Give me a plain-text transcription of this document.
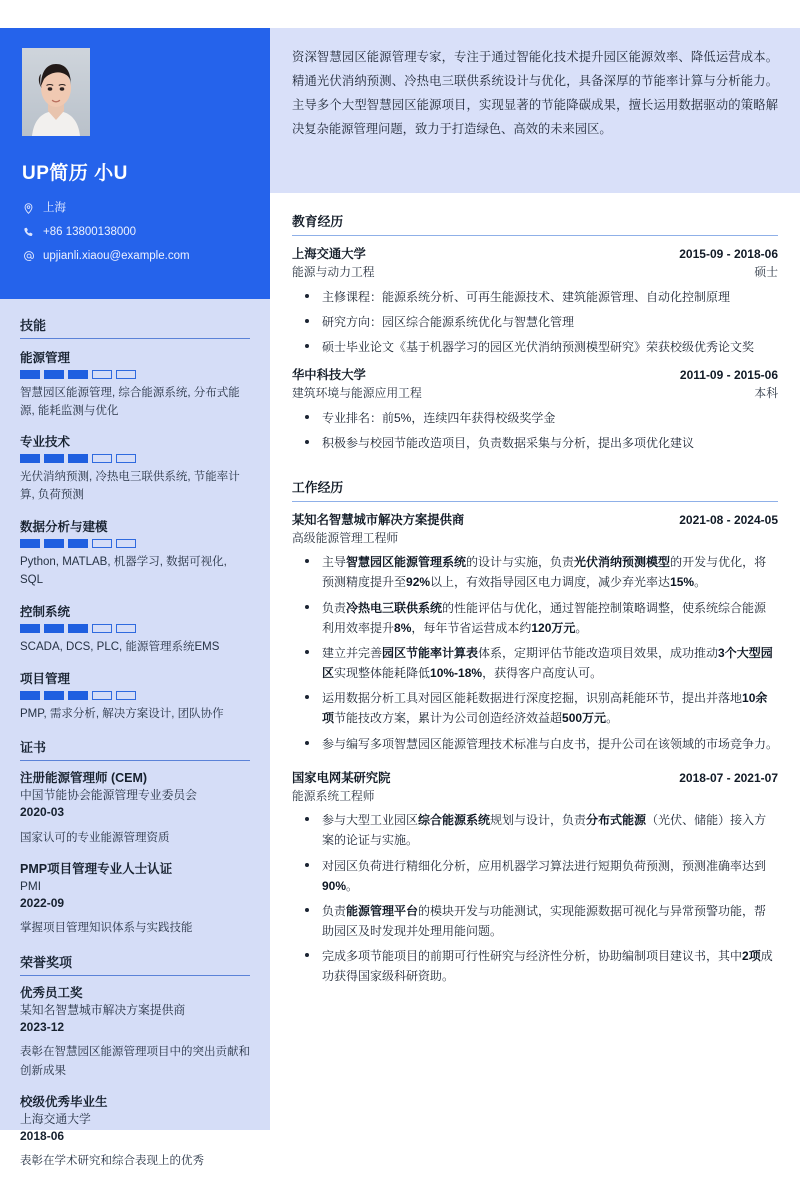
UP简历 小U
上海
+86 13800138000
upjianli.xiaou@example.com
技能
能源管理
智慧园区能源管理, 综合能源系统, 分布式能源, 能耗监测与优化
专业技术
光伏消纳预测, 冷热电三联供系统, 节能率计算, 负荷预测
数据分析与建模
Python, MATLAB, 机器学习, 数据可视化, SQL
控制系统
SCADA, DCS, PLC, 能源管理系统EMS
项目管理
PMP, 需求分析, 解决方案设计, 团队协作
证书
注册能源管理师 (CEM)
中国节能协会能源管理专业委员会
2020-03
国家认可的专业能源管理资质
PMP项目管理专业人士认证
PMI
2022-09
掌握项目管理知识体系与实践技能
荣誉奖项
优秀员工奖
某知名智慧城市解决方案提供商
2023-12
表彰在智慧园区能源管理项目中的突出贡献和创新成果
校级优秀毕业生
上海交通大学
2018-06
表彰在学术研究和综合表现上的优秀
资深智慧园区能源管理专家，专注于通过智能化技术提升园区能源效率、降低运营成本。精通光伏消纳预测、冷热电三联供系统设计与优化，具备深厚的节能率计算与分析能力。主导多个大型智慧园区能源项目，实现显著的节能降碳成果，擅长运用数据驱动的策略解决复杂能源管理问题，致力于打造绿色、高效的未来园区。
教育经历
上海交通大学	2015-09 - 2018-06
能源与动力工程	硕士
主修课程：能源系统分析、可再生能源技术、建筑能源管理、自动化控制原理
研究方向：园区综合能源系统优化与智慧化管理
硕士毕业论文《基于机器学习的园区光伏消纳预测模型研究》荣获校级优秀论文奖
华中科技大学	2011-09 - 2015-06
建筑环境与能源应用工程	本科
专业排名：前5%，连续四年获得校级奖学金
积极参与校园节能改造项目，负责数据采集与分析，提出多项优化建议
工作经历
某知名智慧城市解决方案提供商	2021-08 - 2024-05
高级能源管理工程师
主导智慧园区能源管理系统的设计与实施，负责光伏消纳预测模型的开发与优化，将预测精度提升至92%以上，有效指导园区电力调度，减少弃光率达15%。
负责冷热电三联供系统的性能评估与优化，通过智能控制策略调整，使系统综合能源利用效率提升8%，每年节省运营成本约120万元。
建立并完善园区节能率计算表体系，定期评估节能改造项目效果，成功推动3个大型园区实现整体能耗降低10%-18%，获得客户高度认可。
运用数据分析工具对园区能耗数据进行深度挖掘，识别高耗能环节，提出并落地10余项节能技改方案，累计为公司创造经济效益超500万元。
参与编写多项智慧园区能源管理技术标准与白皮书，提升公司在该领域的市场竞争力。
国家电网某研究院	2018-07 - 2021-07
能源系统工程师
参与大型工业园区综合能源系统规划与设计，负责分布式能源（光伏、储能）接入方案的论证与实施。
对园区负荷进行精细化分析，应用机器学习算法进行短期负荷预测，预测准确率达到90%。
负责能源管理平台的模块开发与功能测试，实现能源数据可视化与异常预警功能，帮助园区及时发现并处理用能问题。
完成多项节能项目的前期可行性研究与经济性分析，协助编制项目建议书，其中2项成功获得国家级科研资助。
